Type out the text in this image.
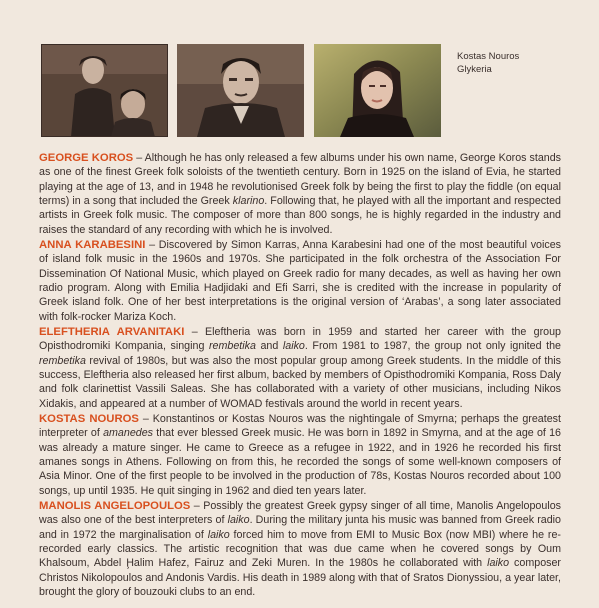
Kostas Nouros
Glykeria

GEORGE KOROS – Although he has only released a few albums under his own name, George Koros stands as one of the finest Greek folk soloists of the twentieth century. Born in 1925 on the island of Evia, he started playing at the age of 13, and in 1948 he revolutionised Greek folk by being the first to play the fiddle (on equal terms) in a song that included the Greek klarino. Following that, he played with all the important and respected artists in Greek folk music. The composer of more than 800 songs, he is highly regarded in the industry and raises the standard of any recording with which he is involved.

ANNA KARABESINI – Discovered by Simon Karras, Anna Karabesini had one of the most beautiful voices of island folk music in the 1960s and 1970s. She participated in the folk orchestra of the Association For Dissemination Of National Music, which played on Greek radio for many decades, as well as having her own radio program. Along with Emilia Hadjidaki and Efi Sarri, she is credited with the increase in popularity of Greek island folk. One of her best interpretations is the original version of ‘Arabas’, a song later associated with folk-rocker Mariza Koch.

ELEFTHERIA ARVANITAKI – Eleftheria was born in 1959 and started her career with the group Opisthodromiki Kompania, singing rembetika and laiko. From 1981 to 1987, the group not only ignited the rembetika revival of 1980s, but was also the most popular group among Greek students. In the middle of this success, Eleftheria also released her first album, backed by members of Opisthodromiki Kompania, Ross Daly and folk clarinettist Vassili Saleas. She has collaborated with a variety of other musicians, including Nikos Xidakis, and appeared at a number of WOMAD festivals around the world in recent years.

KOSTAS NOUROS – Konstantinos or Kostas Nouros was the nightingale of Smyrna; perhaps the greatest interpreter of amanedes that ever blessed Greek music. He was born in 1892 in Smyrna, and at the age of 16 was already a mature singer. He came to Greece as a refugee in 1922, and in 1926 he recorded his first amanes songs in Athens. Following on from this, he recorded the songs of some well-known composers of Asia Minor. One of the first people to be involved in the production of 78s, Kostas Nouros recorded about 100 songs, up until 1935. He quit singing in 1962 and died ten years later.

MANOLIS ANGELOPOULOS – Possibly the greatest Greek gypsy singer of all time, Manolis Angelopoulos was also one of the best interpreters of laiko. During the military junta his music was banned from Greek radio and in 1972 the marginalisation of laiko forced him to move from EMI to Music Box (now MBI) where he re-recorded early classics. The artistic recognition that was due came when he covered songs by Oum Khalsoum, Abdel Ḩalim Hafez, Fairuz and Zeki Muren. In the 1980s he collaborated with laiko composer Christos Nikolopoulos and Andonis Vardis. His death in 1989 along with that of Sratos Dionyssiou, a year later, brought the glory of bouzouki clubs to an end.
